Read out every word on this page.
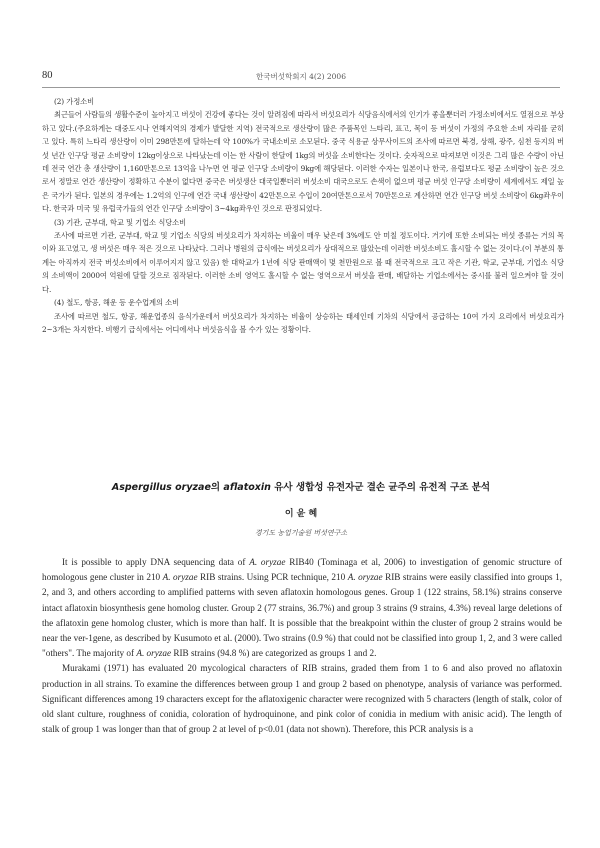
80	한국버섯학회지 4(2) 2006
(2) 가정소비

최근들어 사람들의 생활수준이 높아지고 버섯이 건강에 좋다는 것이 알려짐에 따라서 버섯요리가 식당음식에서의 인기가 좋을뿐더러 가정소비에서도 열점으로 부상하고 있다.(주요하게는 대중도시나 연해지역의 경제가 발달한 지역) 전국적으로 생산량이 많은 주품목인 느타리, 표고, 목이 등 버섯이 가정의 주요한 소비 자리를 굳히고 있다. 특히 느타리 생산량이 이미 298만톤에 달하는데 약 100%가 국내소비로 소모된다. 중국 식용균 상무사이드의 조사에 따르면 북경, 상해, 광주, 심천 등지의 버섯 년간 인구당 평균 소비량이 12kg이상으로 나타났는데 이는 한 사람이 한달에 1kg의 버섯을 소비한다는 것이다. 숫자적으로 따져보면 이것은 그리 많은 수량이 아닌데 전국 연간 총 생산량이 1,160만톤으로 13억을 나누면 연 평균 인구당 소비량이 9kg에 해당된다. 이러한 수자는 일본이나 한국, 유럽보다도 평균 소비량이 높은 것으로서 정말로 연간 생산량이 정확하고 수분이 없다면 중국은 버섯생산 대국일뿐더러 버섯소비 대국으로도 손색이 없으며 평균 버섯 인구당 소비량이 세계에서도 제일 높은 국가가 된다. 일본의 경우에는 1.2억의 인구에 연간 국내 생산량이 42만톤으로 수입이 20여만톤으로서 70만톤으로 계산하면 연간 인구당 버섯 소비량이 6kg좌우이다. 한국과 미국 및 유럽국가들의 연간 인구당 소비량이 3~4kg좌우인 것으로 판정되었다.

(3) 기관, 군부대, 학교 및 기업소 식당소비

조사에 따르면 기관, 군부대, 학교 및 기업소 식당의 버섯요리가 차지하는 비율이 매우 낮은데 3%에도 안 미칠 정도이다. 거기에 또한 소비되는 버섯 종류는 거의 목이와 표고였고, 생 버섯은 매우 적은 것으로 나타났다. 그러나 병원의 급식에는 버섯요리가 상대적으로 많았는데 이러한 버섯소비도 홀시할 수 없는 것이다.(이 부분의 통계는 아직까지 전국 버섯소비에서 이루어지지 않고 있음) 한 대학교가 1년에 식당 판매액이 몇 천만원으로 볼 때 전국적으로 크고 작은 기관, 학교, 군부대, 기업소 식당의 소비액이 2000여 억원에 달할 것으로 짐작된다. 이러한 소비 영역도 홀시할 수 없는 영역으로서 버섯을 판매, 배달하는 기업소에서는 중시를 불러 일으켜야 할 것이다.

(4) 철도, 항공, 해운 등 운수업계의 소비

조사에 따르면 철도, 항공, 해운업종의 음식가운데서 버섯요리가 차지하는 비율이 상승하는 태세인데 기차의 식당에서 공급하는 10여 가지 요리에서 버섯요리가 2~3개는 차지한다. 비행기 급식에서는 어디에서나 버섯음식을 볼 수가 있는 정황이다.

Aspergillus oryzae의 aflatoxin 유사 생합성 유전자군 결손 균주의 유전적 구조 분석
이 윤 혜
경기도 농업기술원 버섯연구소

It is possible to apply DNA sequencing data of A. oryzae RIB40 (Tominaga et al, 2006) to investigation of genomic structure of homologous gene cluster in 210 A. oryzae RIB strains. Using PCR technique, 210 A. oryzae RIB strains were easily classified into groups 1, 2, and 3, and others according to amplified patterns with seven aflatoxin homologous genes. Group 1 (122 strains, 58.1%) strains conserve intact aflatoxin biosynthesis gene homolog cluster. Group 2 (77 strains, 36.7%) and group 3 strains (9 strains, 4.3%) reveal large deletions of the aflatoxin gene homolog cluster, which is more than half. It is possible that the breakpoint within the cluster of group 2 strains would be near the ver-1gene, as described by Kusumoto et al. (2000). Two strains (0.9 %) that could not be classified into group 1, 2, and 3 were called "others". The majority of A. oryzae RIB strains (94.8 %) are categorized as groups 1 and 2.

Murakami (1971) has evaluated 20 mycological characters of RIB strains, graded them from 1 to 6 and also proved no aflatoxin production in all strains. To examine the differences between group 1 and group 2 based on phenotype, analysis of variance was performed. Significant differences among 19 characters except for the aflatoxigenic character were recognized with 5 characters (length of stalk, color of old slant culture, roughness of conidia, coloration of hydroquinone, and pink color of conidia in medium with anisic acid). The length of stalk of group 1 was longer than that of group 2 at level of p<0.01 (data not shown). Therefore, this PCR analysis is a
